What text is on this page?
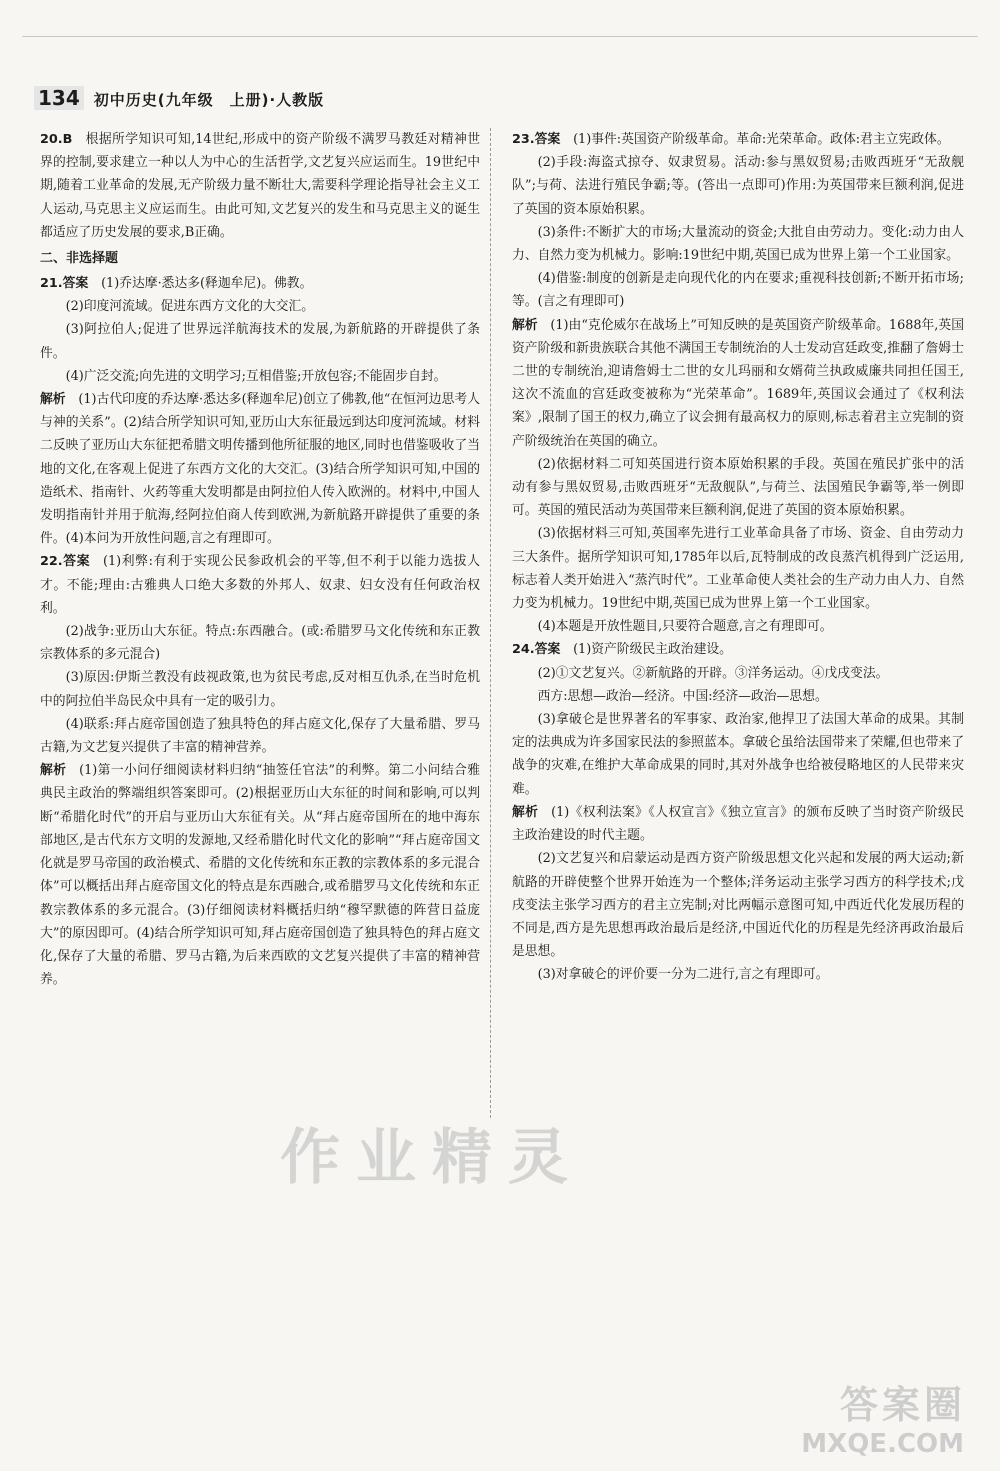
134 初中历史(九年级　上册)·人教版

20.B  根据所学知识可知,14世纪,形成中的资产阶级不满罗马教廷对精神世界的控制,要求建立一种以人为中心的生活哲学,文艺复兴应运而生。19世纪中期,随着工业革命的发展,无产阶级力量不断壮大,需要科学理论指导社会主义工人运动,马克思主义应运而生。由此可知,文艺复兴的发生和马克思主义的诞生都适应了历史发展的要求,B正确。

二、非选择题

21.答案  (1)乔达摩·悉达多(释迦牟尼)。佛教。

(2)印度河流域。促进东西方文化的大交汇。

(3)阿拉伯人;促进了世界远洋航海技术的发展,为新航路的开辟提供了条件。

(4)广泛交流;向先进的文明学习;互相借鉴;开放包容;不能固步自封。

解析  (1)古代印度的乔达摩·悉达多(释迦牟尼)创立了佛教,他“在恒河边思考人与神的关系”。(2)结合所学知识可知,亚历山大东征最远到达印度河流域。材料二反映了亚历山大东征把希腊文明传播到他所征服的地区,同时也借鉴吸收了当地的文化,在客观上促进了东西方文化的大交汇。(3)结合所学知识可知,中国的造纸术、指南针、火药等重大发明都是由阿拉伯人传入欧洲的。材料中,中国人发明指南针并用于航海,经阿拉伯商人传到欧洲,为新航路开辟提供了重要的条件。(4)本问为开放性问题,言之有理即可。

22.答案  (1)利弊:有利于实现公民参政机会的平等,但不利于以能力选拔人才。不能;理由:古雅典人口绝大多数的外邦人、奴隶、妇女没有任何政治权利。

(2)战争:亚历山大东征。特点:东西融合。(或:希腊罗马文化传统和东正教宗教体系的多元混合)

(3)原因:伊斯兰教没有歧视政策,也为贫民考虑,反对相互仇杀,在当时危机中的阿拉伯半岛民众中具有一定的吸引力。

(4)联系:拜占庭帝国创造了独具特色的拜占庭文化,保存了大量希腊、罗马古籍,为文艺复兴提供了丰富的精神营养。

解析  (1)第一小问仔细阅读材料归纳“抽签任官法”的利弊。第二小问结合雅典民主政治的弊端组织答案即可。(2)根据亚历山大东征的时间和影响,可以判断“希腊化时代”的开启与亚历山大东征有关。从“拜占庭帝国所在的地中海东部地区,是古代东方文明的发源地,又经希腊化时代文化的影响”“拜占庭帝国文化就是罗马帝国的政治模式、希腊的文化传统和东正教的宗教体系的多元混合体”可以概括出拜占庭帝国文化的特点是东西融合,或希腊罗马文化传统和东正教宗教体系的多元混合。(3)仔细阅读材料概括归纳“穆罕默德的阵营日益庞大”的原因即可。(4)结合所学知识可知,拜占庭帝国创造了独具特色的拜占庭文化,保存了大量的希腊、罗马古籍,为后来西欧的文艺复兴提供了丰富的精神营养。

23.答案  (1)事件:英国资产阶级革命。革命:光荣革命。政体:君主立宪政体。

(2)手段:海盗式掠夺、奴隶贸易。活动:参与黑奴贸易;击败西班牙“无敌舰队”;与荷、法进行殖民争霸;等。(答出一点即可)作用:为英国带来巨额利润,促进了英国的资本原始积累。

(3)条件:不断扩大的市场;大量流动的资金;大批自由劳动力。变化:动力由人力、自然力变为机械力。影响:19世纪中期,英国已成为世界上第一个工业国家。

(4)借鉴:制度的创新是走向现代化的内在要求;重视科技创新;不断开拓市场;等。(言之有理即可)

解析  (1)由“克伦威尔在战场上”可知反映的是英国资产阶级革命。1688年,英国资产阶级和新贵族联合其他不满国王专制统治的人士发动宫廷政变,推翻了詹姆士二世的专制统治,迎请詹姆士二世的女儿玛丽和女婿荷兰执政威廉共同担任国王,这次不流血的宫廷政变被称为“光荣革命”。1689年,英国议会通过了《权利法案》,限制了国王的权力,确立了议会拥有最高权力的原则,标志着君主立宪制的资产阶级统治在英国的确立。

(2)依据材料二可知英国进行资本原始积累的手段。英国在殖民扩张中的活动有参与黑奴贸易,击败西班牙“无敌舰队”,与荷兰、法国殖民争霸等,举一例即可。英国的殖民活动为英国带来巨额利润,促进了英国的资本原始积累。

(3)依据材料三可知,英国率先进行工业革命具备了市场、资金、自由劳动力三大条件。据所学知识可知,1785年以后,瓦特制成的改良蒸汽机得到广泛运用,标志着人类开始进入“蒸汽时代”。工业革命使人类社会的生产动力由人力、自然力变为机械力。19世纪中期,英国已成为世界上第一个工业国家。

(4)本题是开放性题目,只要符合题意,言之有理即可。

24.答案  (1)资产阶级民主政治建设。

(2)①文艺复兴。②新航路的开辟。③洋务运动。④戊戌变法。

西方:思想—政治—经济。中国:经济—政治—思想。

(3)拿破仑是世界著名的军事家、政治家,他捍卫了法国大革命的成果。其制定的法典成为许多国家民法的参照蓝本。拿破仑虽给法国带来了荣耀,但也带来了战争的灾难,在维护大革命成果的同时,其对外战争也给被侵略地区的人民带来灾难。

解析  (1)《权利法案》《人权宣言》《独立宣言》的颁布反映了当时资产阶级民主政治建设的时代主题。

(2)文艺复兴和启蒙运动是西方资产阶级思想文化兴起和发展的两大运动;新航路的开辟使整个世界开始连为一个整体;洋务运动主张学习西方的科学技术;戊戌变法主张学习西方的君主立宪制;对比两幅示意图可知,中西近代化发展历程的不同是,西方是先思想再政治最后是经济,中国近代化的历程是先经济再政治最后是思想。

(3)对拿破仑的评价要一分为二进行,言之有理即可。

作业精灵
答案圈
MXQE.COM
